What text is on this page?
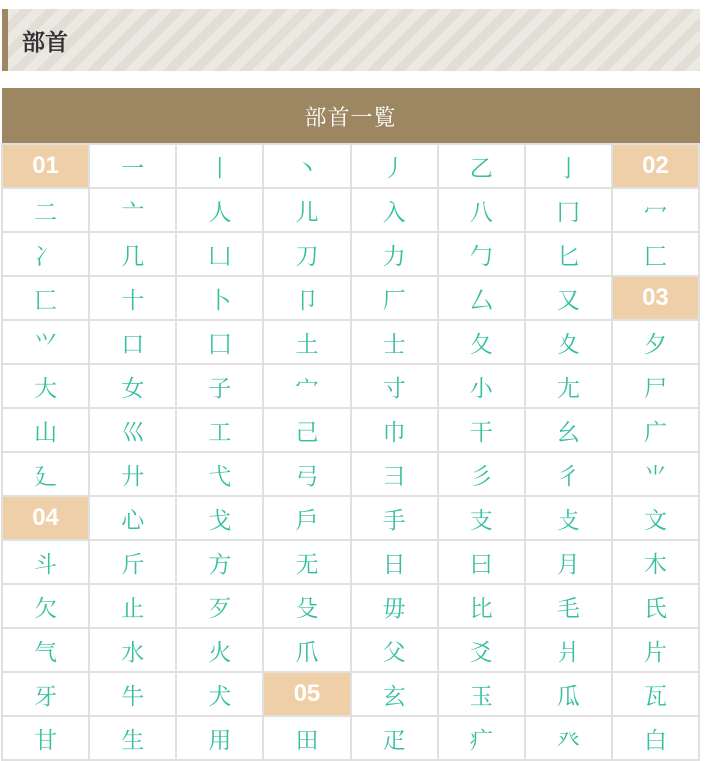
部首
部首一覧							
01	一	丨	丶	丿	乙	亅	02
二	亠	人	儿	入	八	冂	冖
冫	几	凵	刀	力	勹	匕	匚
匸	十	卜	卩	厂	厶	又	03
⺍	口	囗	土	士	夂	夊	夕
大	女	子	宀	寸	小	尢	尸
山	巛	工	己	巾	干	幺	广
廴	廾	弋	弓	彐	彡	彳	⺌
04	心	戈	戶	手	支	攴	文
斗	斤	方	无	日	曰	月	木
欠	止	歹	殳	毋	比	毛	氏
气	水	火	爪	父	爻	爿	片
牙	牛	犬	05	玄	玉	瓜	瓦
甘	生	用	田	疋	疒	癶	白
